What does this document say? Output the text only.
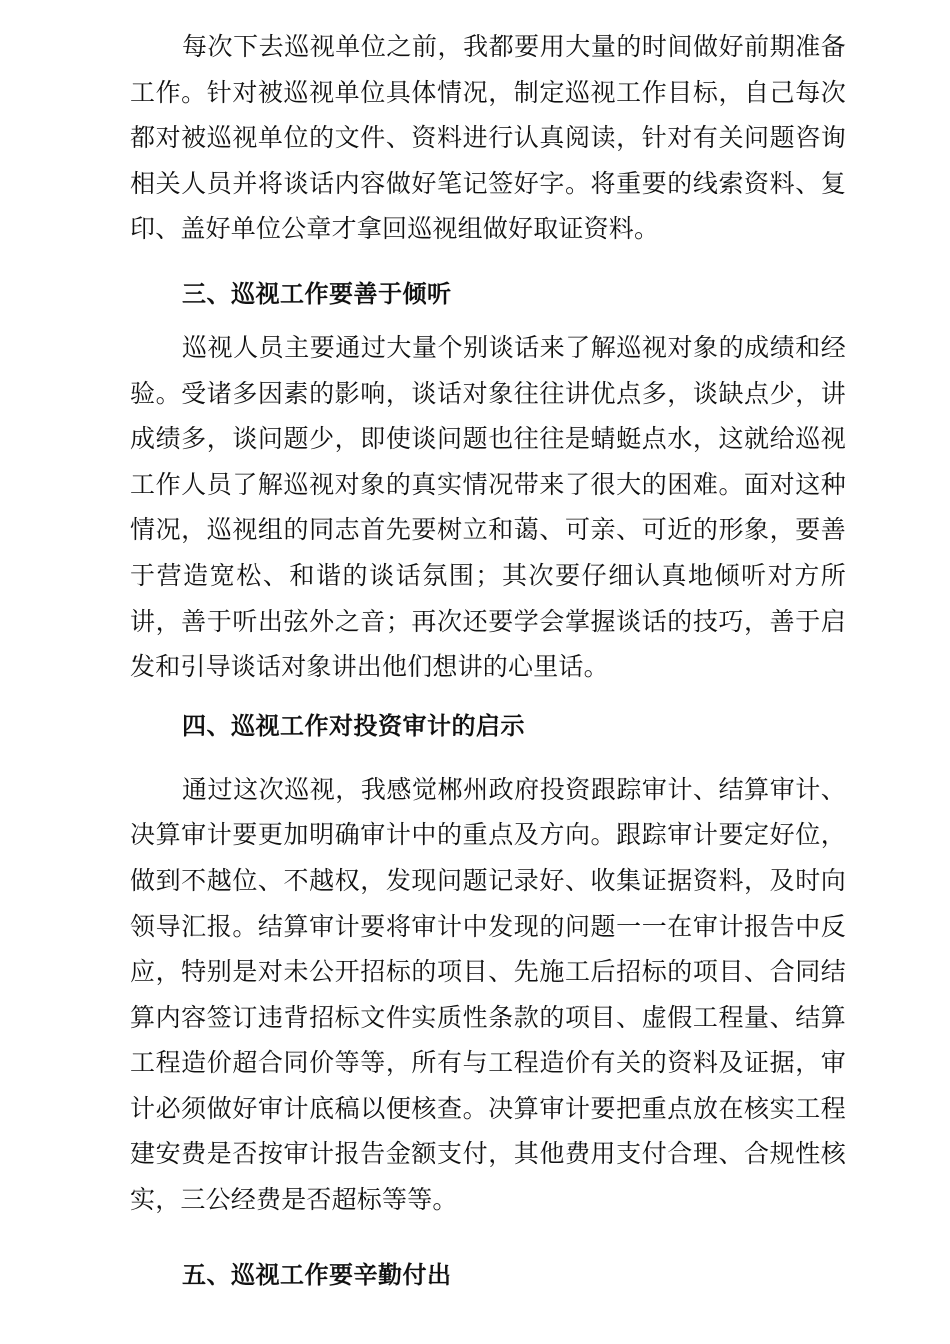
每次下去巡视单位之前，我都要用大量的时间做好前期准备工作。针对被巡视单位具体情况，制定巡视工作目标，自己每次都对被巡视单位的文件、资料进行认真阅读，针对有关问题咨询相关人员并将谈话内容做好笔记签好字。将重要的线索资料、复印、盖好单位公章才拿回巡视组做好取证资料。

三、巡视工作要善于倾听

巡视人员主要通过大量个别谈话来了解巡视对象的成绩和经验。受诸多因素的影响，谈话对象往往讲优点多，谈缺点少，讲成绩多，谈问题少，即使谈问题也往往是蜻蜓点水，这就给巡视工作人员了解巡视对象的真实情况带来了很大的困难。面对这种情况，巡视组的同志首先要树立和蔼、可亲、可近的形象，要善于营造宽松、和谐的谈话氛围；其次要仔细认真地倾听对方所讲，善于听出弦外之音；再次还要学会掌握谈话的技巧，善于启发和引导谈话对象讲出他们想讲的心里话。

四、巡视工作对投资审计的启示

通过这次巡视，我感觉郴州政府投资跟踪审计、结算审计、决算审计要更加明确审计中的重点及方向。跟踪审计要定好位，做到不越位、不越权，发现问题记录好、收集证据资料，及时向领导汇报。结算审计要将审计中发现的问题一一在审计报告中反应，特别是对未公开招标的项目、先施工后招标的项目、合同结算内容签订违背招标文件实质性条款的项目、虚假工程量、结算工程造价超合同价等等，所有与工程造价有关的资料及证据，审计必须做好审计底稿以便核查。决算审计要把重点放在核实工程建安费是否按审计报告金额支付，其他费用支付合理、合规性核实，三公经费是否超标等等。

五、巡视工作要辛勤付出
